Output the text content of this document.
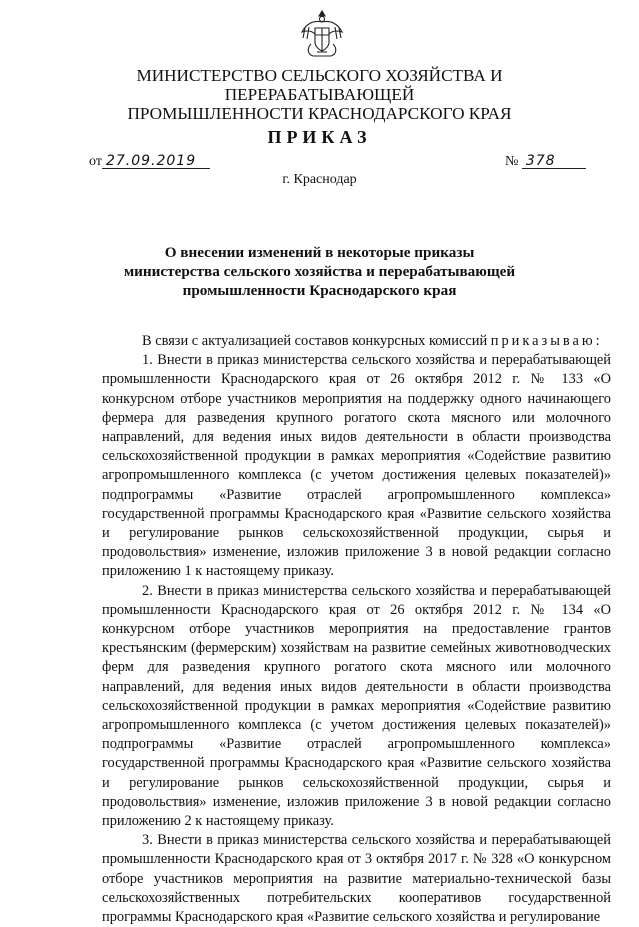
МИНИСТЕРСТВО СЕЛЬСКОГО ХОЗЯЙСТВА И ПЕРЕРАБАТЫВАЮЩЕЙ
ПРОМЫШЛЕННОСТИ КРАСНОДАРСКОГО КРАЯ
ПРИКАЗ
от 27.09.2019	№ 378
г. Краснодар
О внесении изменений в некоторые приказы
министерства сельского хозяйства и перерабатывающей
промышленности Краснодарского края

В связи с актуализацией составов конкурсных комиссий приказываю:

1. Внести в приказ министерства сельского хозяйства и перерабатывающей промышленности Краснодарского края от 26 октября 2012 г. № 133 «О конкурсном отборе участников мероприятия на поддержку одного начинающего фермера для разведения крупного рогатого скота мясного или молочного направлений, для ведения иных видов деятельности в области производства сельскохозяйственной продукции в рамках мероприятия «Содействие развитию агропромышленного комплекса (с учетом достижения целевых показателей)» подпрограммы «Развитие отраслей агропромышленного комплекса» государственной программы Краснодарского края «Развитие сельского хозяйства и регулирование рынков сельскохозяйственной продукции, сырья и продовольствия» изменение, изложив приложение 3 в новой редакции согласно приложению 1 к настоящему приказу.

2. Внести в приказ министерства сельского хозяйства и перерабатывающей промышленности Краснодарского края от 26 октября 2012 г. № 134 «О конкурсном отборе участников мероприятия на предоставление грантов крестьянским (фермерским) хозяйствам на развитие семейных животноводческих ферм для разведения крупного рогатого скота мясного или молочного направлений, для ведения иных видов деятельности в области производства сельскохозяйственной продукции в рамках мероприятия «Содействие развитию агропромышленного комплекса (с учетом достижения целевых показателей)» подпрограммы «Развитие отраслей агропромышленного комплекса» государственной программы Краснодарского края «Развитие сельского хозяйства и регулирование рынков сельскохозяйственной продукции, сырья и продовольствия» изменение, изложив приложение 3 в новой редакции согласно приложению 2 к настоящему приказу.

3. Внести в приказ министерства сельского хозяйства и перерабатывающей промышленности Краснодарского края от 3 октября 2017 г. № 328 «О конкурсном отборе участников мероприятия на развитие материально-технической базы сельскохозяйственных потребительских кооперативов государственной программы Краснодарского края «Развитие сельского хозяйства и регулирование
